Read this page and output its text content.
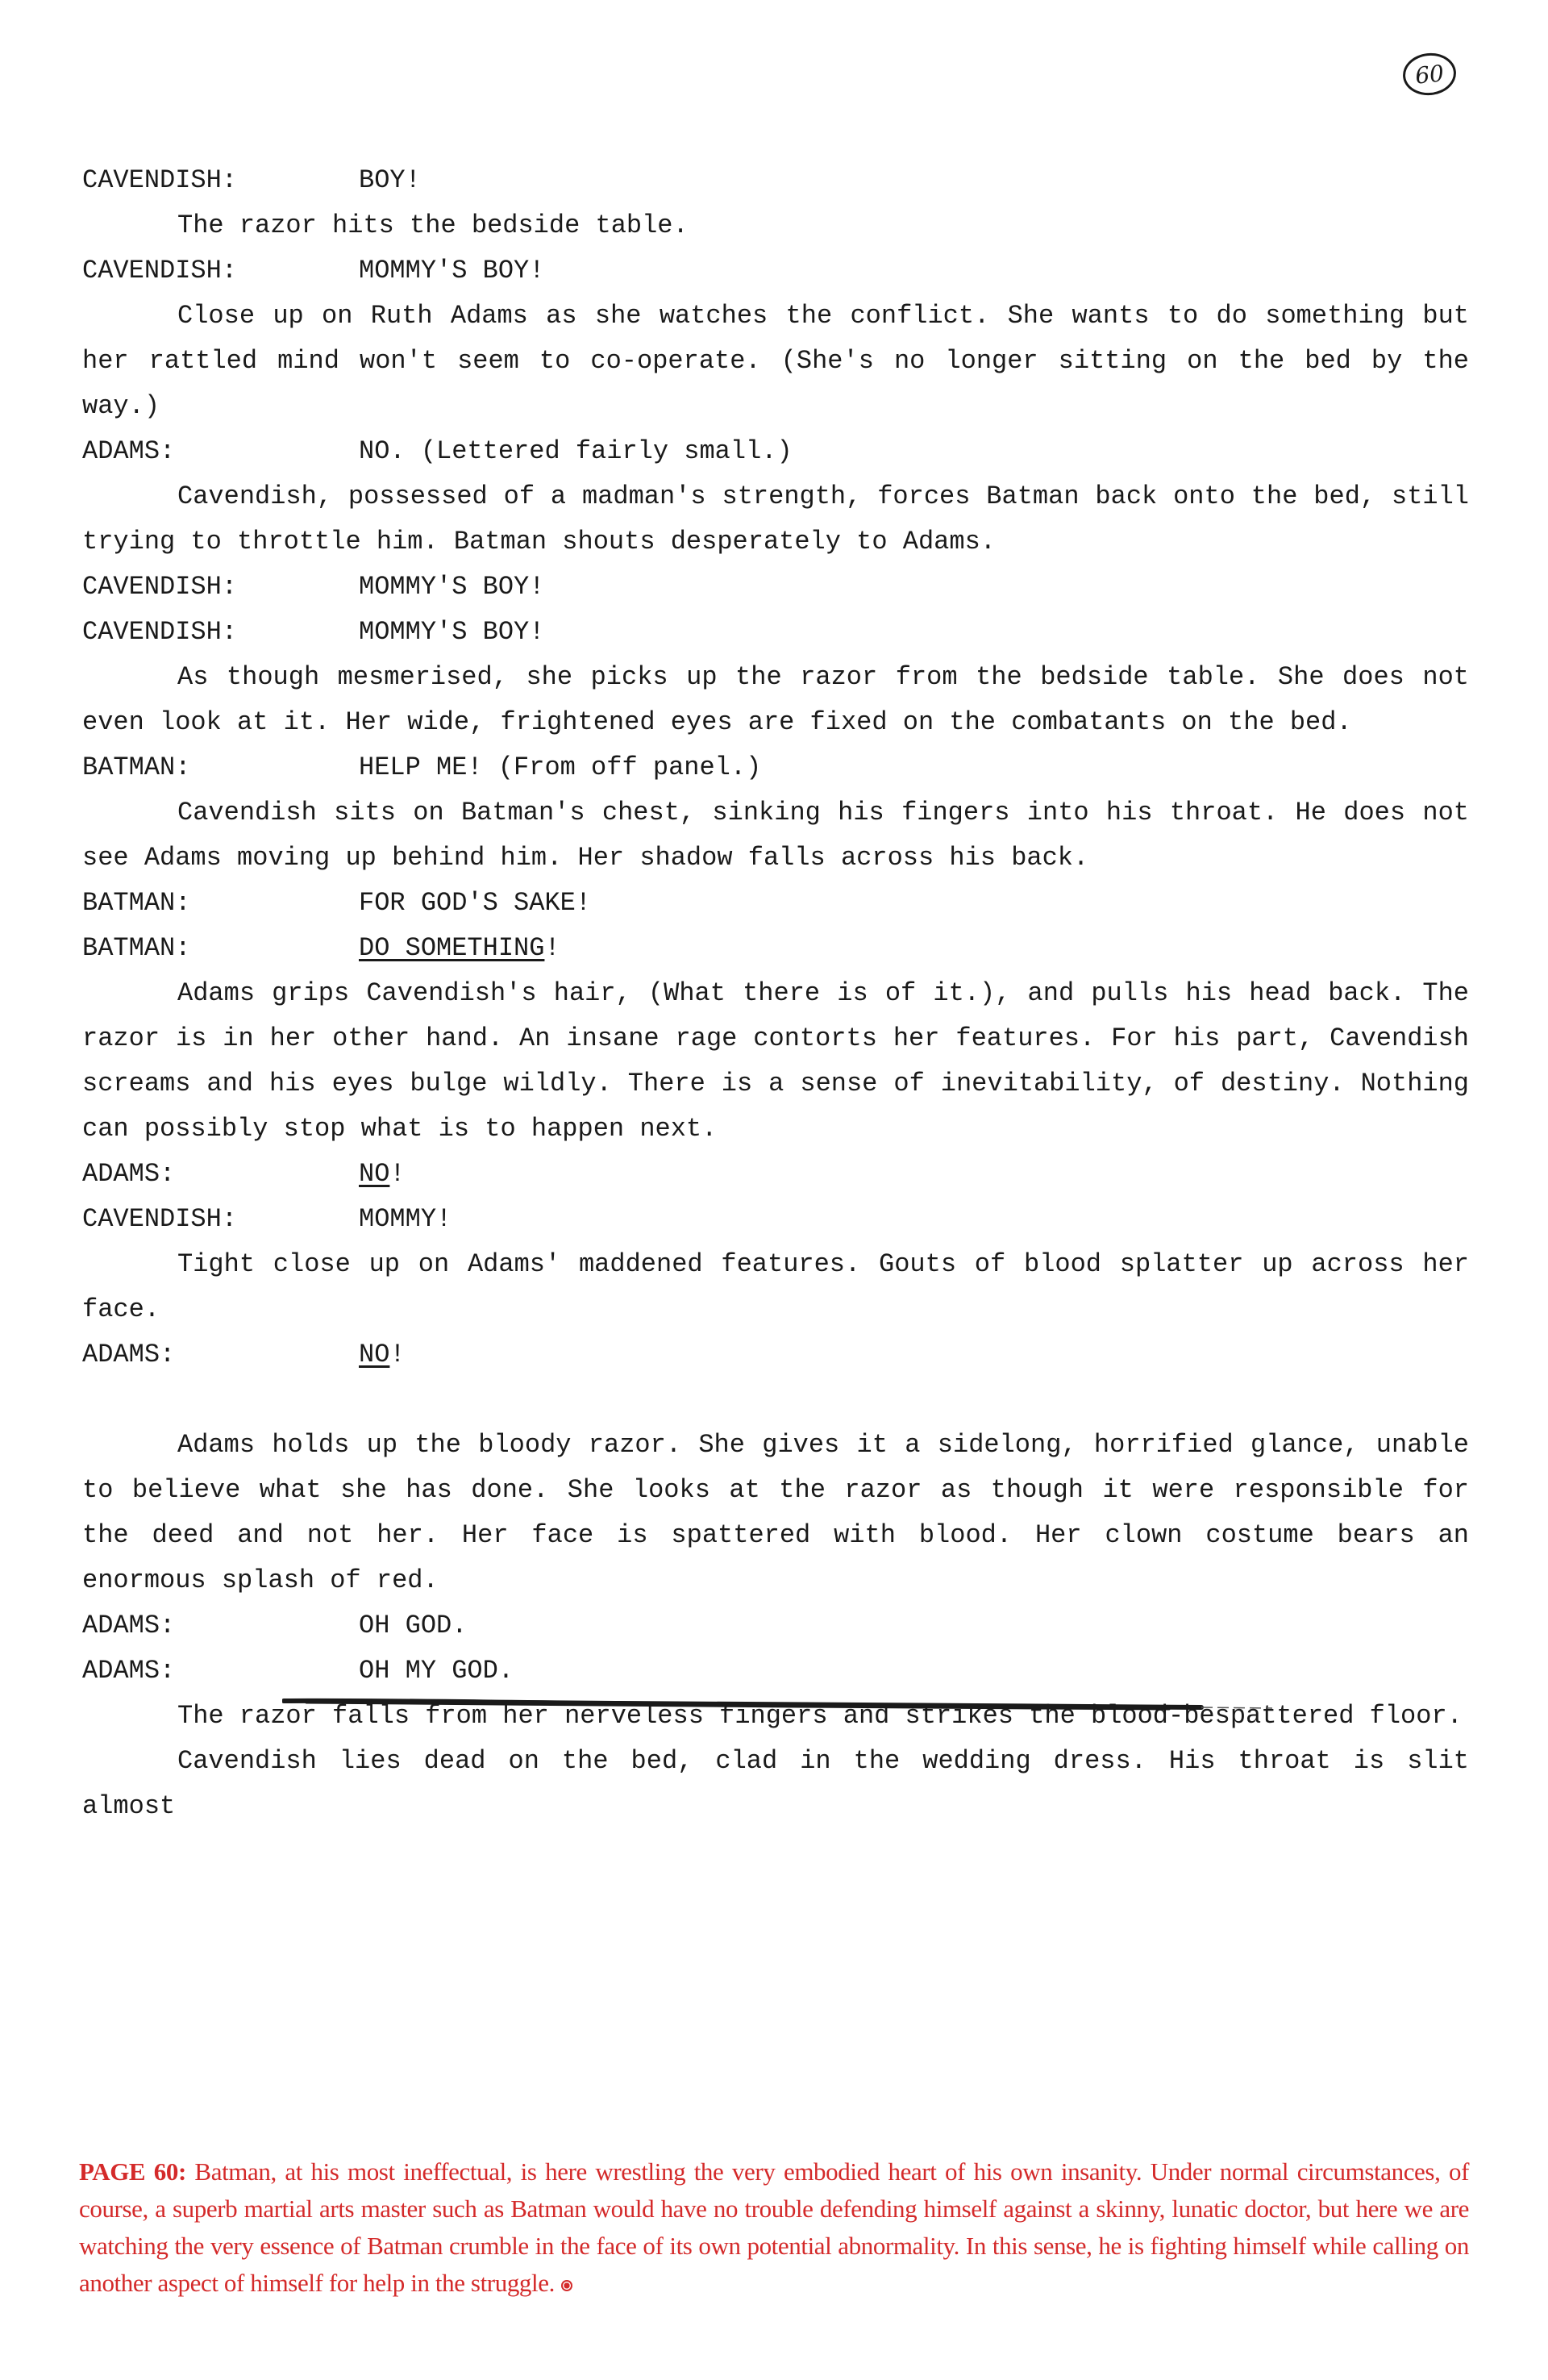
60
CAVENDISH:	BOY!

The razor hits the bedside table.

CAVENDISH:	MOMMY'S BOY!

Close up on Ruth Adams as she watches the conflict. She wants to do something but her rattled mind won't seem to co-operate. (She's no longer sitting on the bed by the way.)

ADAMS:	NO. (Lettered fairly small.)

Cavendish, possessed of a madman's strength, forces Batman back onto the bed, still trying to throttle him. Batman shouts desperately to Adams.

CAVENDISH:	MOMMY'S BOY!
CAVENDISH:	MOMMY'S BOY!

As though mesmerised, she picks up the razor from the bedside table. She does not even look at it. Her wide, frightened eyes are fixed on the combatants on the bed.

BATMAN:	HELP ME! (From off panel.)

Cavendish sits on Batman's chest, sinking his fingers into his throat. He does not see Adams moving up behind him. Her shadow falls across his back.

BATMAN:	FOR GOD'S SAKE!
BATMAN:	DO SOMETHING!

Adams grips Cavendish's hair, (What there is of it.), and pulls his head back. The razor is in her other hand. An insane rage contorts her features. For his part, Cavendish screams and his eyes bulge wildly. There is a sense of inevitability, of destiny. Nothing can possibly stop what is to happen next.

ADAMS:	NO!
CAVENDISH:	MOMMY!

Tight close up on Adams' maddened features. Gouts of blood splatter up across her face.

ADAMS:	NO!

Adams holds up the bloody razor. She gives it a sidelong, horrified glance, unable to believe what she has done. She looks at the razor as though it were responsible for the deed and not her. Her face is spattered with blood. Her clown costume bears an enormous splash of red.

ADAMS:	OH GOD.
ADAMS:	OH MY GOD.

The razor falls from her nerveless fingers and strikes the blood-bespattered floor.

Cavendish lies dead on the bed, clad in the wedding dress. His throat is slit almost

PAGE 60: Batman, at his most ineffectual, is here wrestling the very embodied heart of his own insanity. Under normal circumstances, of course, a superb martial arts master such as Batman would have no trouble defending himself against a skinny, lunatic doctor, but here we are watching the very essence of Batman crumble in the face of its own potential abnormality. In this sense, he is fighting himself while calling on another aspect of himself for help in the struggle.
